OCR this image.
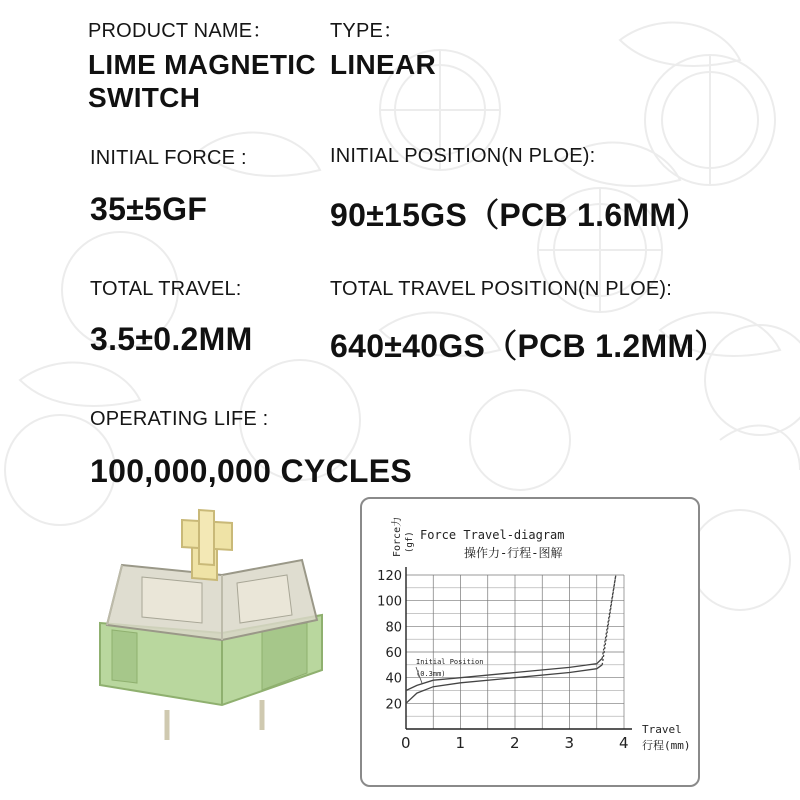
PRODUCT NAME：	TYPE：
LIME MAGNETIC
SWITCH
LINEAR
INITIAL FORCE :	INITIAL POSITION(N PLOE):
35±5GF	90±15GS（PCB 1.6MM）
TOTAL TRAVEL:	TOTAL TRAVEL POSITION(N PLOE):
3.5±0.2MM 640±40GS（PCB 1.2MM）
OPERATING LIFE :
100,000,000 CYCLES
Force Travel-diagram
操作力-行程-图解
Force力 (gf)
Travel
行程(mm)
0	1	2	3	4
20
40
60
80
100
120
Initial Position
(0.3mm)
